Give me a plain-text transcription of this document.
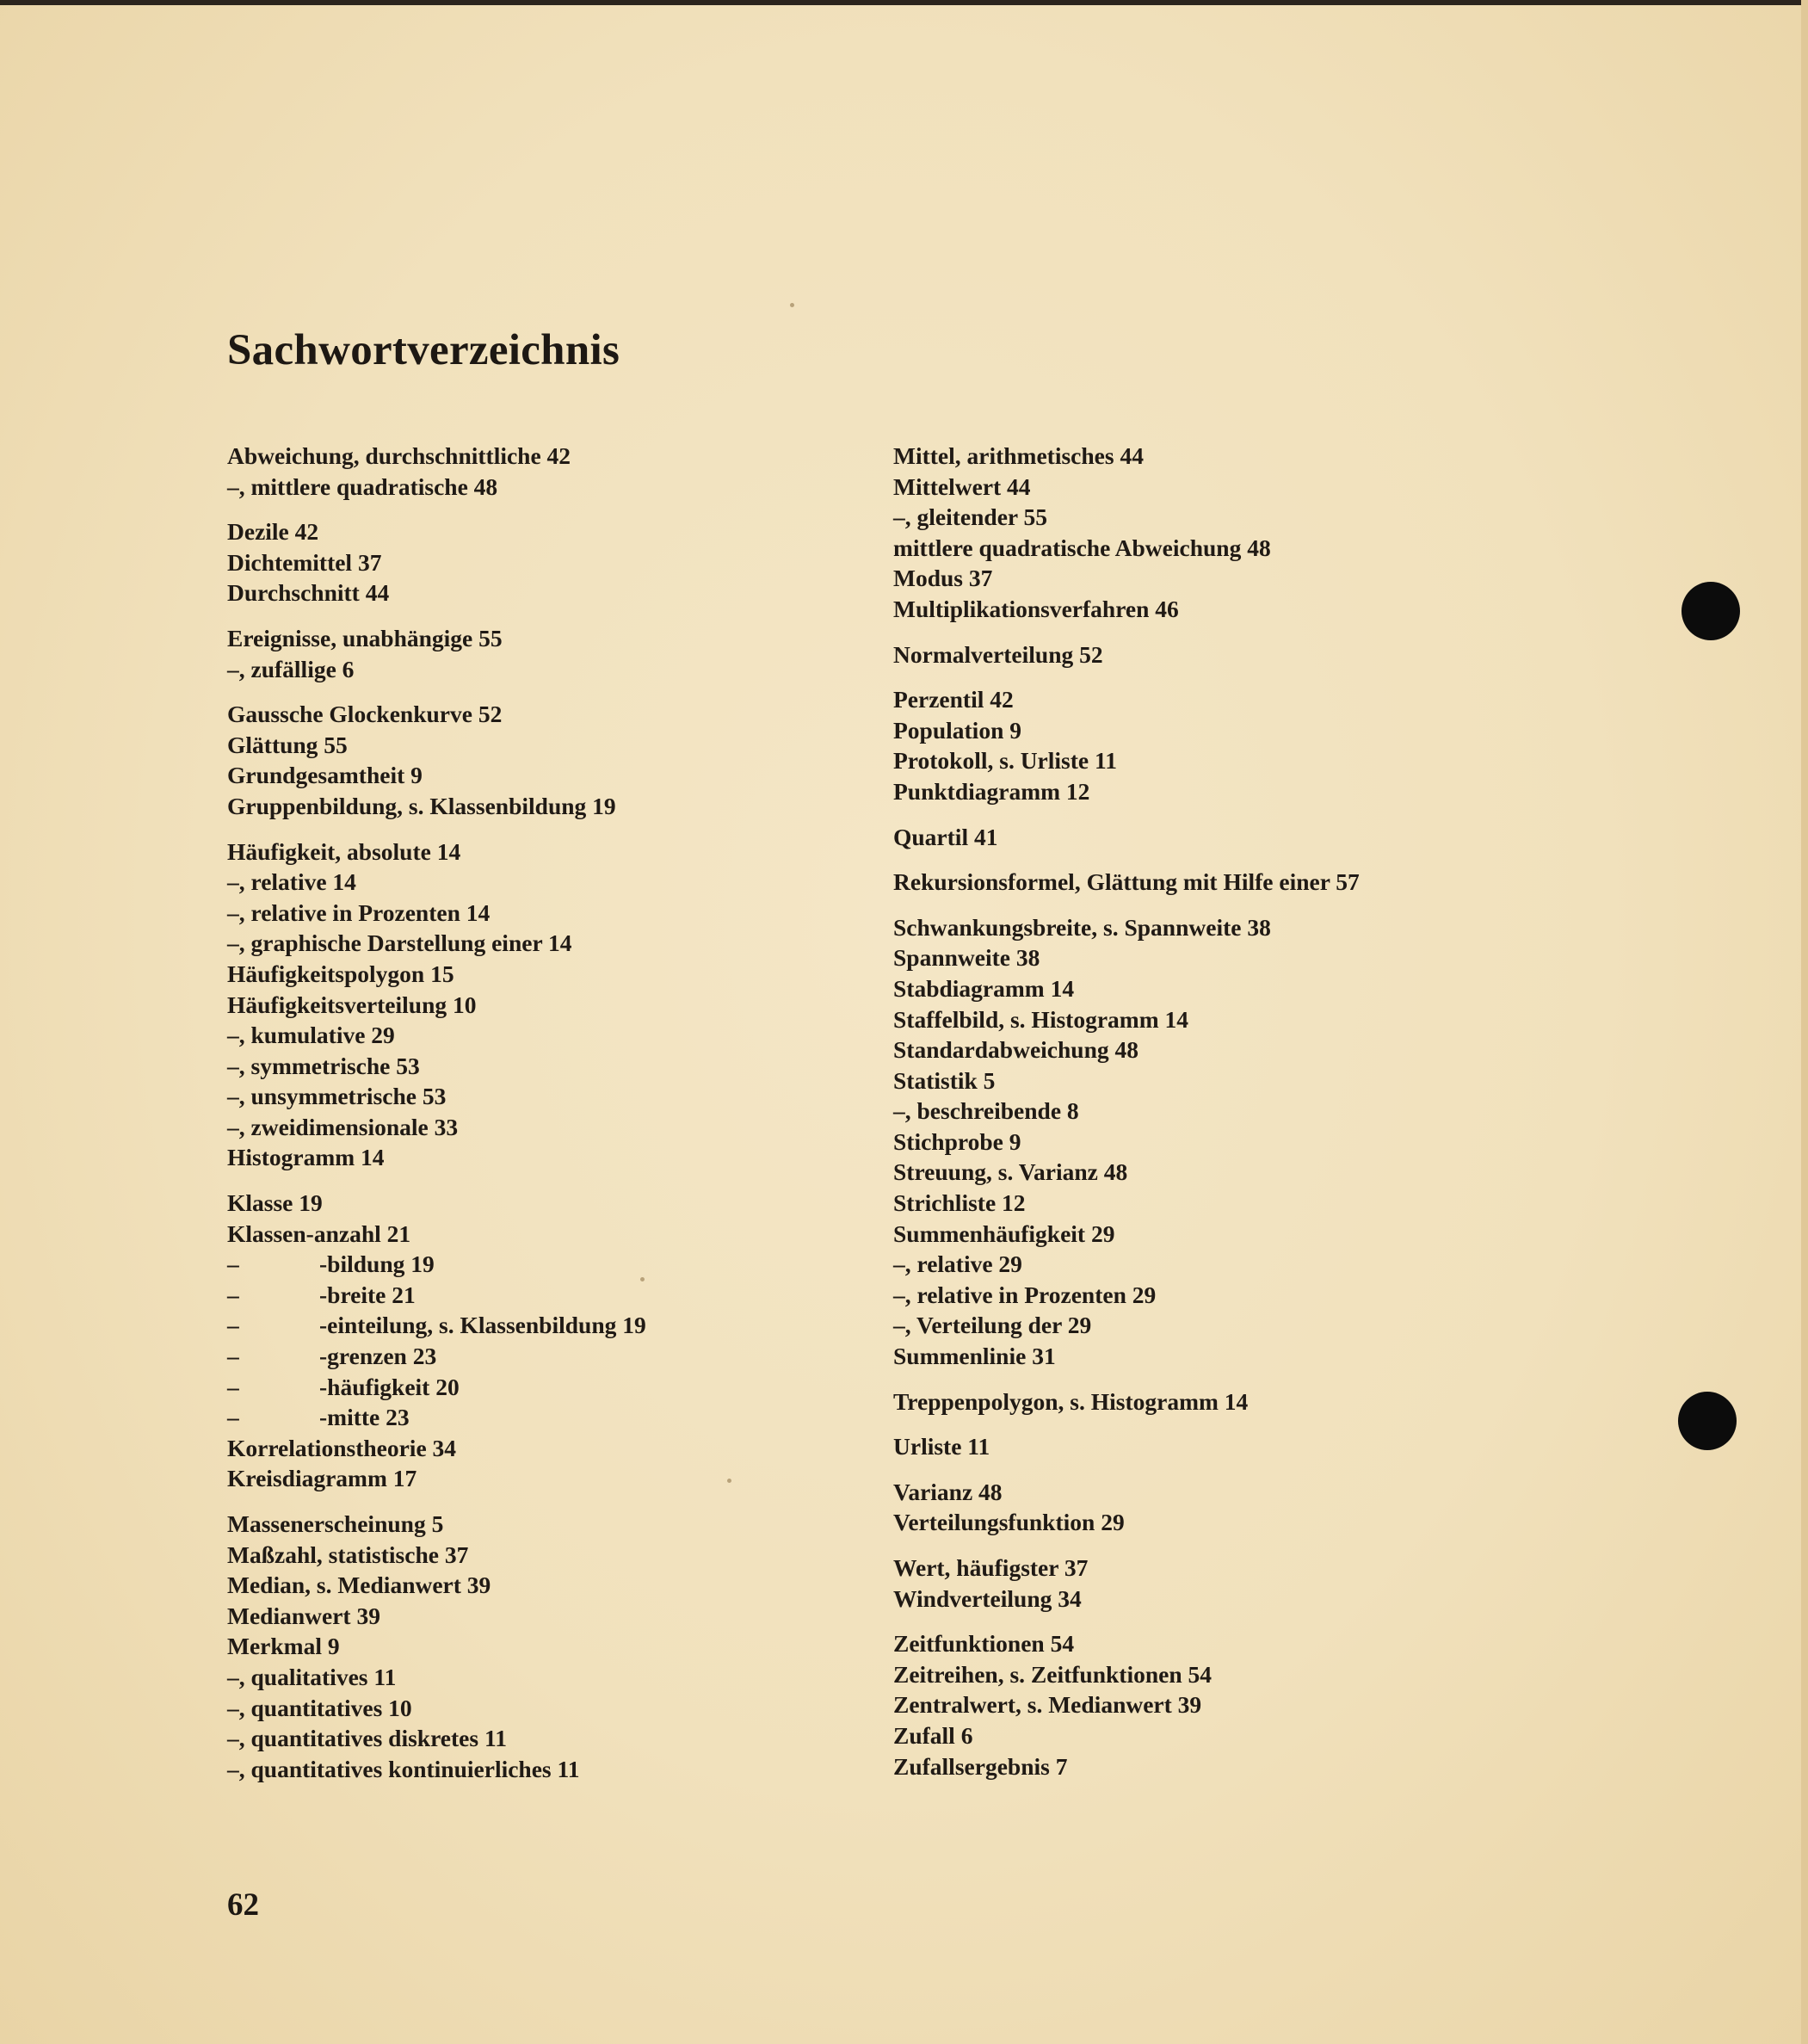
Sachwortverzeichnis
Abweichung, durchschnittliche 42
–, mittlere quadratische 48
Dezile 42
Dichtemittel 37
Durchschnitt 44
Ereignisse, unabhängige 55
–, zufällige 6
Gaussche Glockenkurve 52
Glättung 55
Grundgesamtheit 9
Gruppenbildung, s. Klassenbildung 19
Häufigkeit, absolute 14
–, relative 14
–, relative in Prozenten 14
–, graphische Darstellung einer 14
Häufigkeitspolygon 15
Häufigkeitsverteilung 10
–, kumulative 29
–, symmetrische 53
–, unsymmetrische 53
–, zweidimensionale 33
Histogramm 14
Klasse 19
Klassen-anzahl 21
–	-bildung 19
–	-breite 21
–	-einteilung, s. Klassenbildung 19
–	-grenzen 23
–	-häufigkeit 20
–	-mitte 23
Korrelationstheorie 34
Kreisdiagramm 17
Massenerscheinung 5
Maßzahl, statistische 37
Median, s. Medianwert 39
Medianwert 39
Merkmal 9
–, qualitatives 11
–, quantitatives 10
–, quantitatives diskretes 11
–, quantitatives kontinuierliches 11
Mittel, arithmetisches 44
Mittelwert 44
–, gleitender 55
mittlere quadratische Abweichung 48
Modus 37
Multiplikationsverfahren 46
Normalverteilung 52
Perzentil 42
Population 9
Protokoll, s. Urliste 11
Punktdiagramm 12
Quartil 41
Rekursionsformel, Glättung mit Hilfe einer 57
Schwankungsbreite, s. Spannweite 38
Spannweite 38
Stabdiagramm 14
Staffelbild, s. Histogramm 14
Standardabweichung 48
Statistik 5
–, beschreibende 8
Stichprobe 9
Streuung, s. Varianz 48
Strichliste 12
Summenhäufigkeit 29
–, relative 29
–, relative in Prozenten 29
–, Verteilung der 29
Summenlinie 31
Treppenpolygon, s. Histogramm 14
Urliste 11
Varianz 48
Verteilungsfunktion 29
Wert, häufigster 37
Windverteilung 34
Zeitfunktionen 54
Zeitreihen, s. Zeitfunktionen 54
Zentralwert, s. Medianwert 39
Zufall 6
Zufallsergebnis 7
62
